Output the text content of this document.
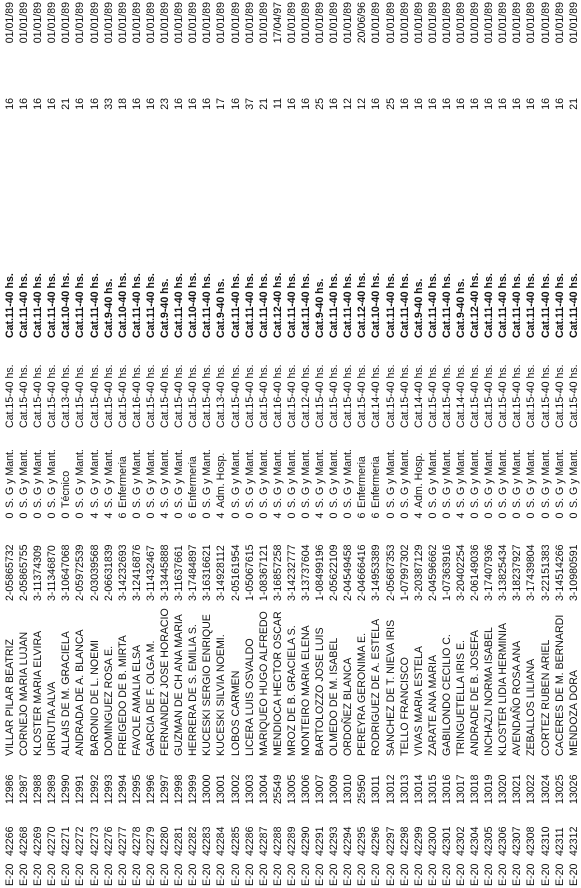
E-20	42266	12986	VILLAR PILAR BEATRIZ	2-05865732	0	S. G y Mant.	Cat.15-40 hs.	Cat.11-40 hs.	16	01/01/89
E-20	42268	12987	CORNEJO MARIA LUJAN	2-05865755	0	S. G y Mant.	Cat.15-40 hs.	Cat.11-40 hs.	16	01/01/89
E-20	42269	12988	KLOSTER MARIA ELVIRA	3-11374309	0	S. G y Mant.	Cat.15-40 hs.	Cat.11-40 hs.	16	01/01/89
E-20	42270	12989	URRUTIA ALVA	3-11346870	0	S. G y Mant.	Cat.15-40 hs.	Cat.11-40 hs.	16	01/01/89
E-20	42271	12990	ALLAIS DE M. GRACIELA	3-10647068	0	Técnico	Cat.13-40 hs.	Cat.10-40 hs.	21	01/01/89
E-20	42272	12991	ANDRADA DE A. BLANCA	2-05972539	0	S. G y Mant.	Cat.15-40 hs.	Cat.11-40 hs.	16	01/01/89
E-20	42273	12992	BARONIO DE L. NOEMI	2-03039568	4	S. G y Mant.	Cat.15-40 hs.	Cat.11-40 hs.	16	01/01/89
E-20	42276	12993	DOMINGUEZ ROSA E.	2-06631839	4	S. G y Mant.	Cat.15-40 hs.	Cat.9-40 hs.	33	01/01/89
E-20	42277	12994	FREIGEDO DE B. MIRTA	3-14232693	6	Enfermeria	Cat.15-40 hs.	Cat.10-40 hs.	18	01/01/89
E-20	42278	12995	FAVOLE AMALIA ELSA	3-12416876	0	S. G y Mant.	Cat.16-40 hs.	Cat.11-40 hs.	16	01/01/89
E-20	42279	12996	GARCIA DE F. OLGA M.	3-11432467	0	S. G y Mant.	Cat.15-40 hs.	Cat.11-40 hs.	16	01/01/89
E-20	42280	12997	FERNANDEZ JOSE HORACIO	3-13445888	4	S. G y Mant.	Cat.15-40 hs.	Cat.9-40 hs.	23	01/01/89
E-20	42281	12998	GUZMAN DE CH ANA MARIA	3-11637661	0	S. G y Mant.	Cat.15-40 hs.	Cat.11-40 hs.	16	01/01/89
E-20	42282	12999	HERRERA DE S. EMILIA S.	3-17484897	6	Enfermeria	Cat.15-40 hs.	Cat.10-40 hs.	16	01/01/89
E-20	42283	13000	KUCESKI SERGIO ENRIQUE	3-16316621	0	S. G y Mant.	Cat.15-40 hs.	Cat.11-40 hs.	16	01/01/89
E-20	42284	13001	KUCESKI SILVIA NOEMI.	3-14928112	4	Adm. Hosp.	Cat.13-40 hs.	Cat.9-40 hs.	17	01/01/89
E-20	42285	13002	LOBOS CARMEN	2-05161954	0	S. G y Mant.	Cat.15-40 hs.	Cat.11-40 hs.	16	01/01/89
E-20	42286	13003	LICERA LUIS OSVALDO	1-05067615	0	S. G y Mant.	Cat.15-40 hs.	Cat.11-40 hs.	37	01/01/89
E-20	42287	13004	MARIQUEO HUGO ALFREDO	1-08367121	0	S. G y Mant.	Cat.15-40 hs.	Cat.11-40 hs.	21	01/01/89
E-20	42288	25549	MENDIOCA HECTOR OSCAR	3-16857258	4	S. G y Mant.	Cat.16-40 hs.	Cat.12-40 hs.	11	17/04/97
E-20	42289	13005	MROZ DE B. GRACIELA S.	3-14232777	0	S. G y Mant.	Cat.15-40 hs.	Cat.11-40 hs.	16	01/01/89
E-20	42290	13006	MONTEIRO MARIA ELENA	3-13737604	0	S. G y Mant.	Cat.12-40 hs.	Cat.11-40 hs.	16	01/01/89
E-20	42291	13007	BARTOLOZZO JOSE LUIS	1-08499196	4	S. G y Mant.	Cat.15-40 hs.	Cat.9-40 hs.	25	01/01/89
E-20	42293	13009	OLMEDO DE M. ISABEL	2-05622109	0	S. G y Mant.	Cat.15-40 hs.	Cat.11-40 hs.	16	01/01/89
E-20	42294	13010	ORDOÑEZ BLANCA	2-04549458	0	S. G y Mant.	Cat.15-40 hs.	Cat.11-40 hs.	12	01/01/89
E-20	42295	25950	PEREYRA GERONIMA E.	2-04666416	6	Enfermeria	Cat.15-40 hs.	Cat.12-40 hs.	12	20/06/96
E-20	42296	13011	RODRIGUEZ DE A. ESTELA	3-14953389	6	Enfermeria	Cat.14-40 hs.	Cat.10-40 hs.	16	01/01/89
E-20	42297	13012	SANCHEZ DE T. NIEVA IRIS	2-05687353	0	S. G y Mant.	Cat.15-40 hs.	Cat.11-40 hs.	25	01/01/89
E-20	42298	13013	TELLO FRANCISCO	1-07997302	0	S. G y Mant.	Cat.15-40 hs.	Cat.11-40 hs.	16	01/01/89
E-20	42299	13014	VIVAS MARIA ESTELA	3-20387129	4	Adm. Hosp.	Cat.14-40 hs.	Cat.9-40 hs.	16	01/01/89
E-20	42300	13015	ZARATE ANA MARIA	2-04596662	0	S. G y Mant.	Cat.15-40 hs.	Cat.11-40 hs.	16	01/01/89
E-20	42301	13016	GABILONDO CECILIO C.	1-07363916	0	S. G y Mant.	Cat.15-40 hs.	Cat.11-40 hs.	16	01/01/89
E-20	42302	13017	TRINGUETELLA IRIS E.	3-20402254	4	S. G y Mant.	Cat.14-40 hs.	Cat.9-40 hs.	16	01/01/89
E-20	42304	13018	ANDRADE DE B. JOSEFA	2-06149036	0	S. G y Mant.	Cat.15-40 hs.	Cat.12-40 hs.	16	01/01/89
E-20	42305	13019	INCHAZU NORMA ISABEL	3-17407936	0	S. G y Mant.	Cat.15-40 hs.	Cat.11-40 hs.	16	01/01/89
E-20	42306	13020	KLOSTER LIDIA HERMINIA	3-13825434	0	S. G y Mant.	Cat.15-40 hs.	Cat.11-40 hs.	16	01/01/89
E-20	42307	13021	AVENDAÑO ROSA ANA	3-18237927	0	S. G y Mant.	Cat.15-40 hs.	Cat.11-40 hs.	16	01/01/89
E-20	42308	13022	ZEBALLOS LILIANA	3-17439804	0	S. G y Mant.	Cat.15-40 hs.	Cat.11-40 hs.	16	01/01/89
E-20	42310	13024	CORTEZ RUBEN ARIEL	3-22151383	0	S. G y Mant.	Cat.15-40 hs.	Cat.11-40 hs.	16	01/01/89
E-20	42311	13025	CACERES DE M. BERNARDI	3-14514266	0	S. G y Mant.	Cat.15-40 hs.	Cat.11-40 hs.	16	01/01/89
E-20	42312	13026	MENDOZA DORA	3-10980591	0	S. G y Mant.	Cat.15-40 hs.	Cat.11-40 hs.	21	01/01/89
